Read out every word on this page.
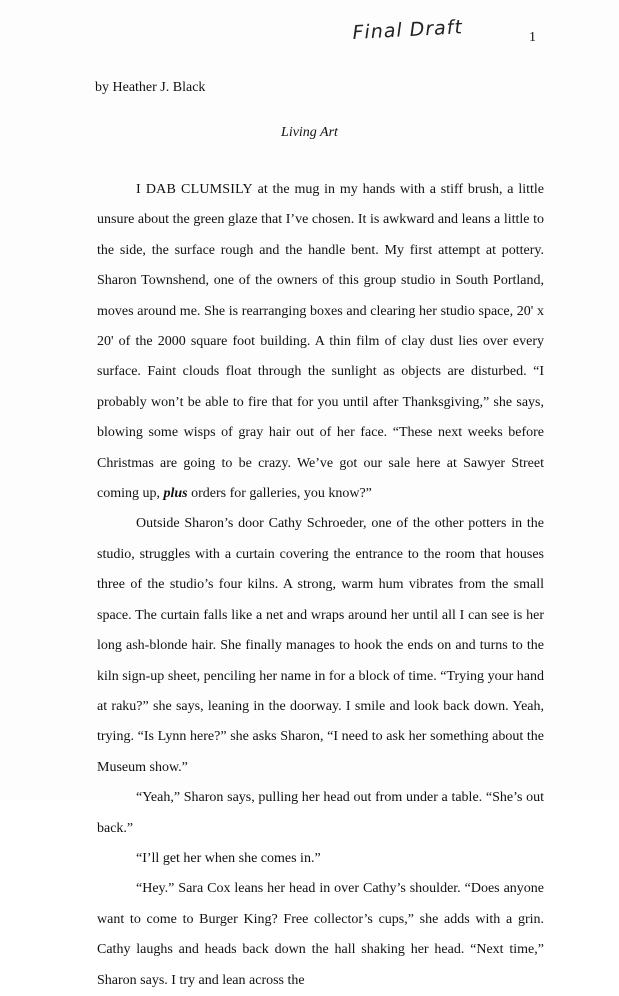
Final Draft	1
by Heather J. Black
Living Art

I DAB CLUMSILY at the mug in my hands with a stiff brush, a little unsure about the green glaze that I’ve chosen. It is awkward and leans a little to the side, the surface rough and the handle bent. My first attempt at pottery. Sharon Townshend, one of the owners of this group studio in South Portland, moves around me. She is rearranging boxes and clearing her studio space, 20' x 20' of the 2000 square foot building. A thin film of clay dust lies over every surface. Faint clouds float through the sunlight as objects are disturbed. “I probably won’t be able to fire that for you until after Thanksgiving,” she says, blowing some wisps of gray hair out of her face. “These next weeks before Christmas are going to be crazy. We’ve got our sale here at Sawyer Street coming up, plus orders for galleries, you know?”

Outside Sharon’s door Cathy Schroeder, one of the other potters in the studio, struggles with a curtain covering the entrance to the room that houses three of the studio’s four kilns. A strong, warm hum vibrates from the small space. The curtain falls like a net and wraps around her until all I can see is her long ash-blonde hair. She finally manages to hook the ends on and turns to the kiln sign-up sheet, penciling her name in for a block of time. “Trying your hand at raku?” she says, leaning in the doorway. I smile and look back down. Yeah, trying. “Is Lynn here?” she asks Sharon, “I need to ask her something about the Museum show.”

“Yeah,” Sharon says, pulling her head out from under a table. “She’s out back.”

“I’ll get her when she comes in.”

“Hey.” Sara Cox leans her head in over Cathy’s shoulder. “Does anyone want to come to Burger King? Free collector’s cups,” she adds with a grin. Cathy laughs and heads back down the hall shaking her head. “Next time,” Sharon says. I try and lean across the
